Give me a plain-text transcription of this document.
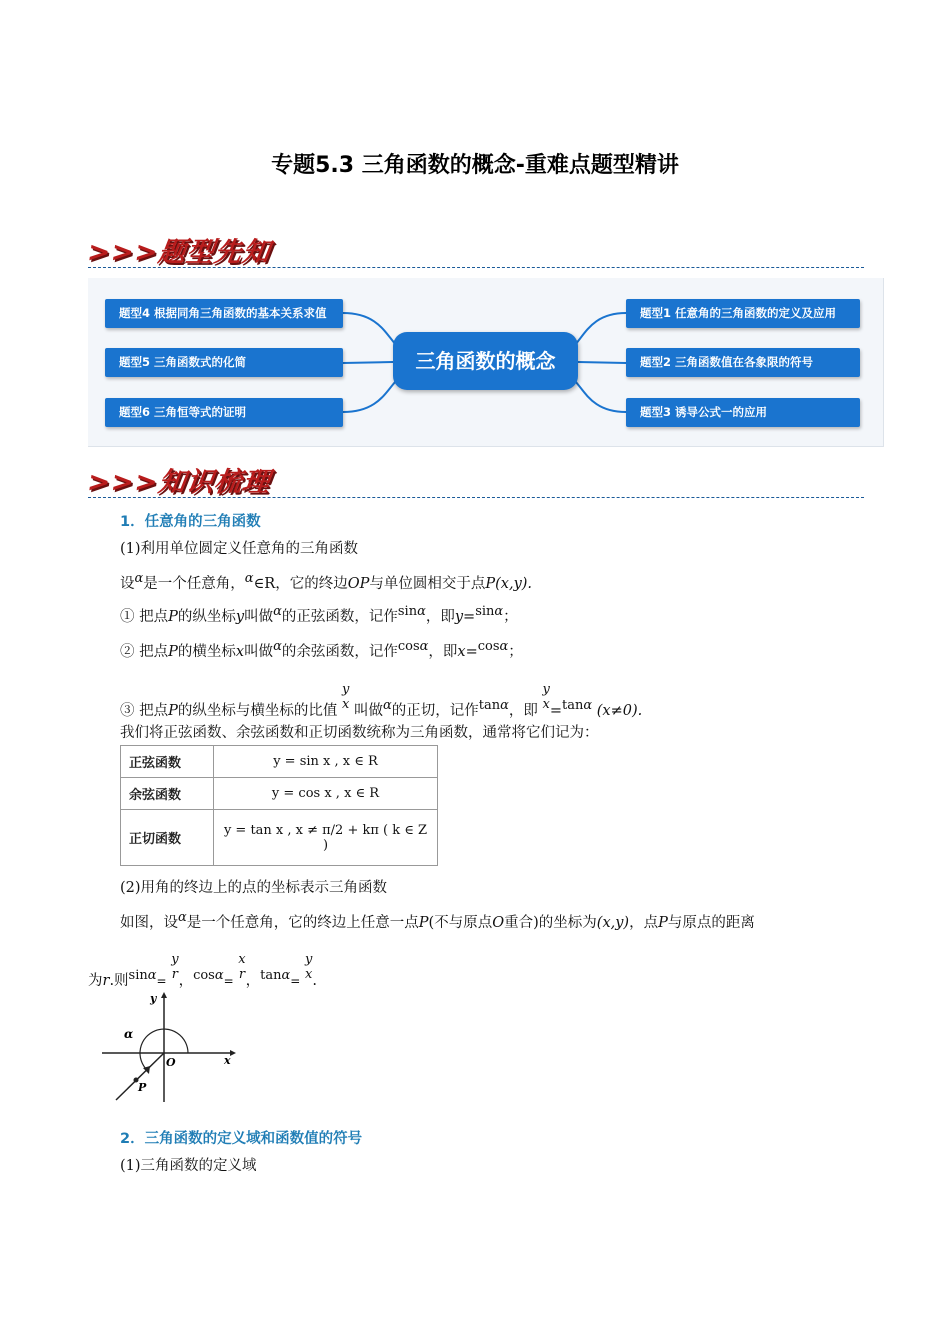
专题5.3 三角函数的概念-重难点题型精讲
>>>题型先知
题型4 根据同角三角函数的基本关系求值
题型5 三角函数式的化简
题型6 三角恒等式的证明
三角函数的概念
题型1 任意角的三角函数的定义及应用
题型2 三角函数值在各象限的符号
题型3 诱导公式一的应用
>>>知识梳理
1．任意角的三角函数
(1)利用单位圆定义任意角的三角函数
设α是一个任意角，α∈R，它的终边OP与单位圆相交于点P(x,y).
① 把点P的纵坐标y叫做α的正弦函数，记作sinα，即y=sinα；
② 把点P的横坐标x叫做α的余弦函数，记作cosα，即x=cosα；
③ 把点P的纵坐标与横坐标的比值
y
x 叫做α的正切，记作tanα，即
y
x =tanα (x≠0).
我们将正弦函数、余弦函数和正切函数统称为三角函数，通常将它们记为：
正弦函数	y = sin x , x ∈ R
余弦函数	y = cos x , x ∈ R
正切函数	y = tan x , x ≠ π/2 + kπ ( k ∈ Z )
(2)用角的终边上的点的坐标表示三角函数
如图，设α是一个任意角，它的终边上任意一点P(不与原点O重合)的坐标为(x,y)，点P与原点的距离
为r.则sinα=
y
r ，cosα=
x
r ，tanα=
y
x .
y
x
O
α
P
2．三角函数的定义域和函数值的符号
(1)三角函数的定义域
